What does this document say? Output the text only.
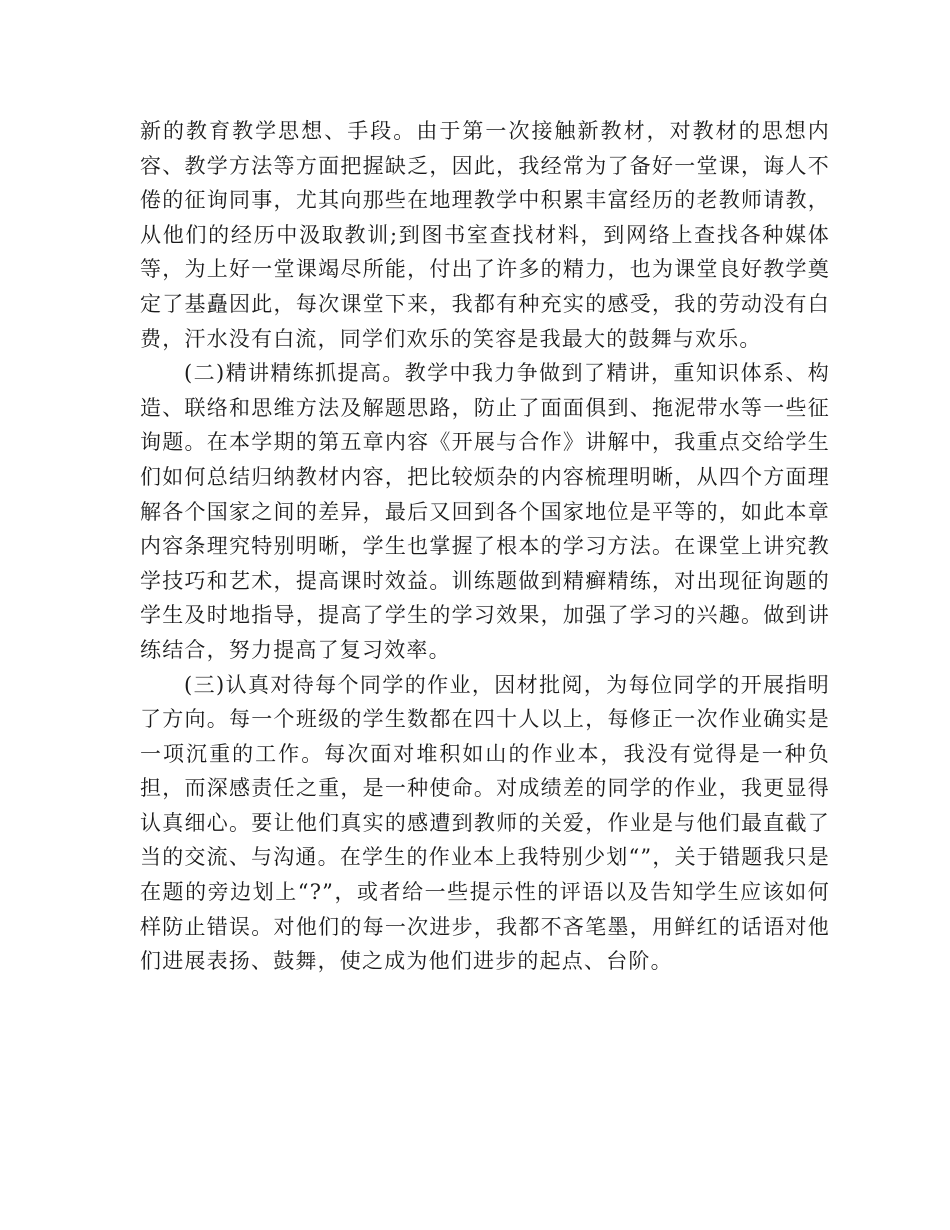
新的教育教学思想、手段。由于第一次接触新教材，对教材的思想内容、教学方法等方面把握缺乏，因此，我经常为了备好一堂课，诲人不倦的征询同事，尤其向那些在地理教学中积累丰富经历的老教师请教，从他们的经历中汲取教训;到图书室查找材料，到网络上查找各种媒体等，为上好一堂课竭尽所能，付出了许多的精力，也为课堂良好教学奠定了基矗因此，每次课堂下来，我都有种充实的感受，我的劳动没有白费，汗水没有白流，同学们欢乐的笑容是我最大的鼓舞与欢乐。

(二)精讲精练抓提高。教学中我力争做到了精讲，重知识体系、构造、联络和思维方法及解题思路，防止了面面俱到、拖泥带水等一些征询题。在本学期的第五章内容《开展与合作》讲解中，我重点交给学生们如何总结归纳教材内容，把比较烦杂的内容梳理明晰，从四个方面理解各个国家之间的差异，最后又回到各个国家地位是平等的，如此本章内容条理究特别明晰，学生也掌握了根本的学习方法。在课堂上讲究教学技巧和艺术，提高课时效益。训练题做到精癣精练，对出现征询题的学生及时地指导，提高了学生的学习效果，加强了学习的兴趣。做到讲练结合，努力提高了复习效率。

(三)认真对待每个同学的作业，因材批阅，为每位同学的开展指明了方向。每一个班级的学生数都在四十人以上，每修正一次作业确实是一项沉重的工作。每次面对堆积如山的作业本，我没有觉得是一种负担，而深感责任之重，是一种使命。对成绩差的同学的作业，我更显得认真细心。要让他们真实的感遭到教师的关爱，作业是与他们最直截了当的交流、与沟通。在学生的作业本上我特别少划“”，关于错题我只是在题的旁边划上“?”，或者给一些提示性的评语以及告知学生应该如何样防止错误。对他们的每一次进步，我都不吝笔墨，用鲜红的话语对他们进展表扬、鼓舞，使之成为他们进步的起点、台阶。
